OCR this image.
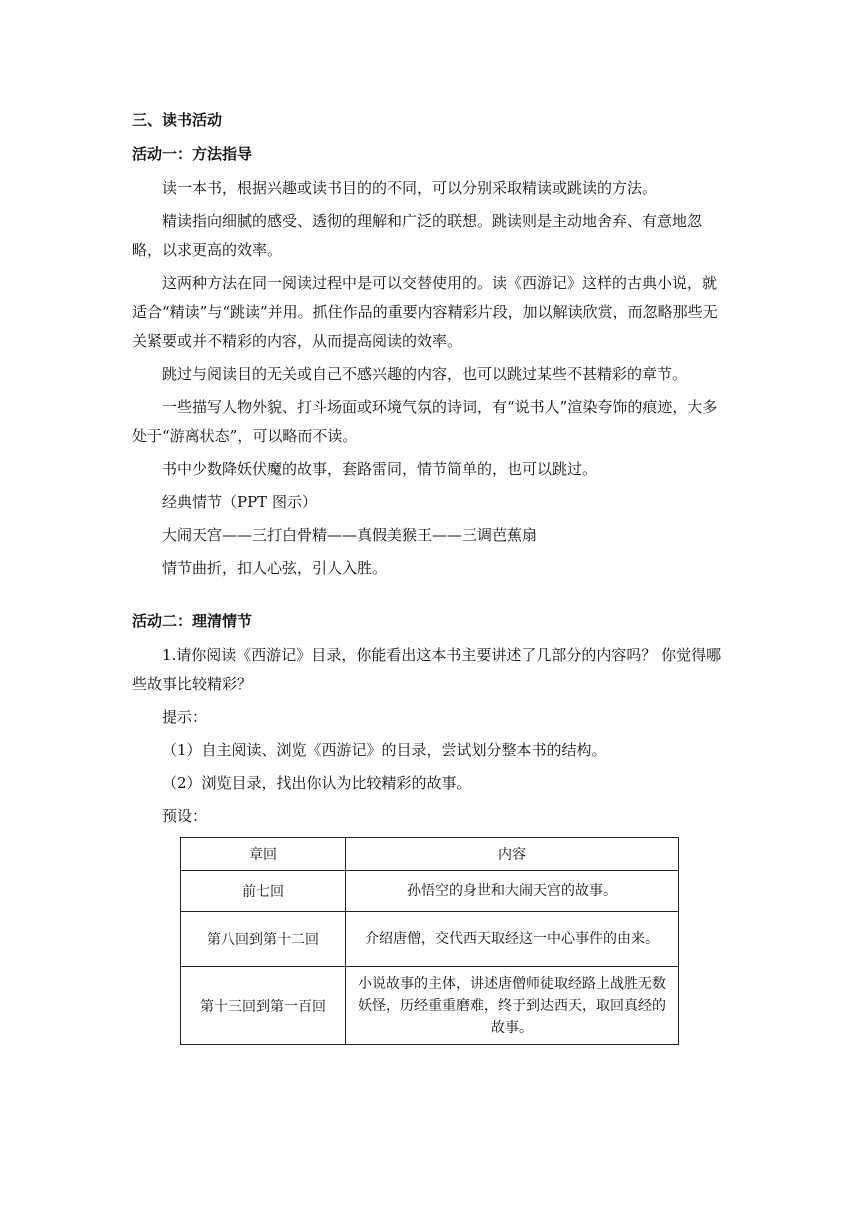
三、读书活动
活动一：方法指导

读一本书，根据兴趣或读书目的的不同，可以分别采取精读或跳读的方法。

精读指向细腻的感受、透彻的理解和广泛的联想。跳读则是主动地舍弃、有意地忽略，以求更高的效率。

这两种方法在同一阅读过程中是可以交替使用的。读《西游记》这样的古典小说，就适合“精读”与“跳读”并用。抓住作品的重要内容精彩片段，加以解读欣赏，而忽略那些无关紧要或并不精彩的内容，从而提高阅读的效率。

跳过与阅读目的无关或自己不感兴趣的内容，也可以跳过某些不甚精彩的章节。

一些描写人物外貌、打斗场面或环境气氛的诗词，有“说书人”渲染夸饰的痕迹，大多处于“游离状态”，可以略而不读。

书中少数降妖伏魔的故事，套路雷同，情节简单的，也可以跳过。

经典情节（PPT 图示）

大闹天宫——三打白骨精——真假美猴王——三调芭蕉扇

情节曲折，扣人心弦，引人入胜。

活动二：理清情节

1.请你阅读《西游记》目录，你能看出这本书主要讲述了几部分的内容吗？ 你觉得哪些故事比较精彩？

提示：

（1）自主阅读、浏览《西游记》的目录，尝试划分整本书的结构。

（2）浏览目录，找出你认为比较精彩的故事。

预设：

章回	内容
前七回	孙悟空的身世和大闹天宫的故事。
第八回到第十二回	介绍唐僧，交代西天取经这一中心事件的由来。
第十三回到第一百回	小说故事的主体，讲述唐僧师徒取经路上战胜无数妖怪，历经重重磨难，终于到达西天，取回真经的故事。
